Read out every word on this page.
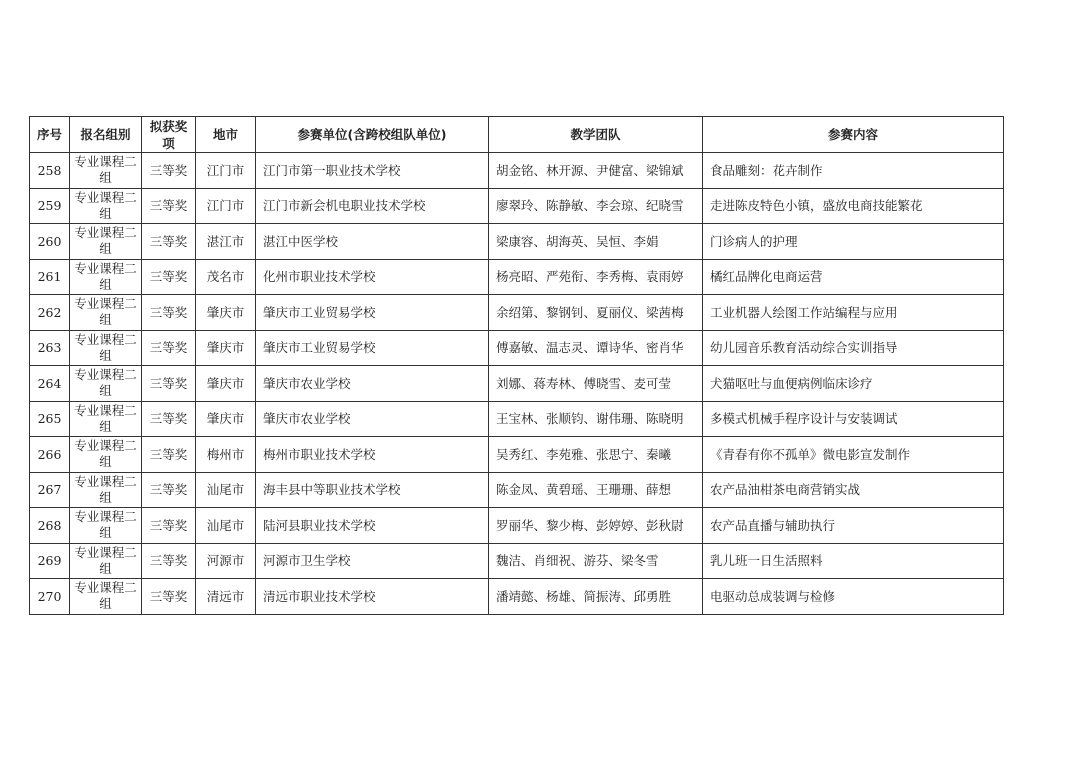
序号	报名组别	拟获奖项	地市	参赛单位(含跨校组队单位)	教学团队	参赛内容
258	专业课程二组	三等奖	江门市	江门市第一职业技术学校	胡金铭、林开源、尹健富、梁锦斌	食品雕刻：花卉制作
259	专业课程二组	三等奖	江门市	江门市新会机电职业技术学校	廖翠玲、陈静敏、李会琼、纪晓雪	走进陈皮特色小镇，盛放电商技能繁花
260	专业课程二组	三等奖	湛江市	湛江中医学校	梁康容、胡海英、吴恒、李娟	门诊病人的护理
261	专业课程二组	三等奖	茂名市	化州市职业技术学校	杨亮昭、严苑衔、李秀梅、袁雨婷	橘红品牌化电商运营
262	专业课程二组	三等奖	肇庆市	肇庆市工业贸易学校	余绍第、黎钢钊、夏丽仪、梁茜梅	工业机器人绘图工作站编程与应用
263	专业课程二组	三等奖	肇庆市	肇庆市工业贸易学校	傅嘉敏、温志灵、谭诗华、密肖华	幼儿园音乐教育活动综合实训指导
264	专业课程二组	三等奖	肇庆市	肇庆市农业学校	刘娜、蒋寿林、傅晓雪、麦可莹	犬猫呕吐与血便病例临床诊疗
265	专业课程二组	三等奖	肇庆市	肇庆市农业学校	王宝林、张顺钧、谢伟珊、陈晓明	多模式机械手程序设计与安装调试
266	专业课程二组	三等奖	梅州市	梅州市职业技术学校	吴秀红、李苑雅、张思宁、秦曦	《青春有你不孤单》微电影宣发制作
267	专业课程二组	三等奖	汕尾市	海丰县中等职业技术学校	陈金凤、黄碧瑶、王珊珊、薛想	农产品油柑茶电商营销实战
268	专业课程二组	三等奖	汕尾市	陆河县职业技术学校	罗丽华、黎少梅、彭婷婷、彭秋尉	农产品直播与辅助执行
269	专业课程二组	三等奖	河源市	河源市卫生学校	魏洁、肖细祝、游芬、梁冬雪	乳儿班一日生活照料
270	专业课程二组	三等奖	清远市	清远市职业技术学校	潘靖懿、杨雄、简振涛、邱勇胜	电驱动总成装调与检修
